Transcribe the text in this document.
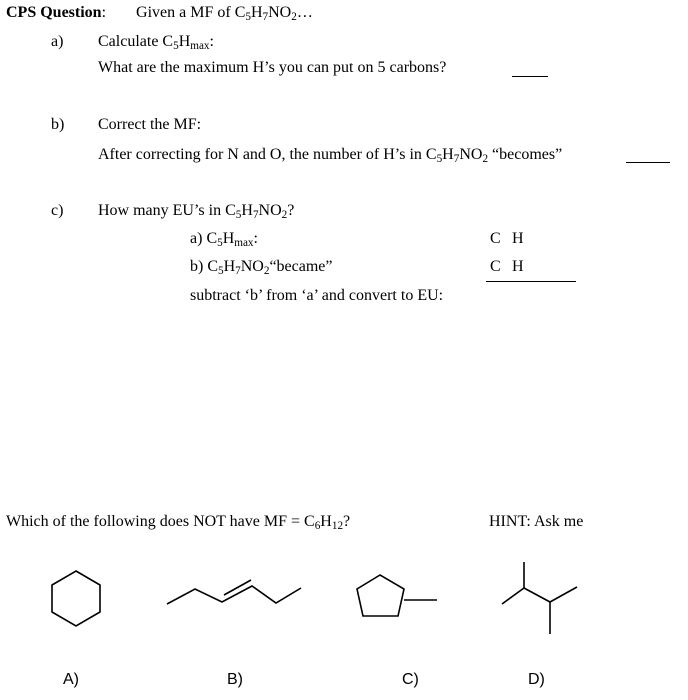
CPS Question: Given a MF of $C_5H_7NO_2\dots$
a) Calculate $C_5H_{max}$:
What are the maximum H’s you can put on 5 carbons?
b) Correct the MF:
After correcting for N and O, the number of H’s in $C_5H_7NO_2$ “becomes”
c) How many EU’s in $C_5H_7NO_2$?
a) $C_5H_{max}$:	C H
b) $C_5H_7NO_2“became$”	C H
subtract ‘b’ from ‘a’ and convert to EU:
Which of the following does NOT have MF = $C_6H_{12}$?	HINT: Ask me
A)	B)	C)	D)
